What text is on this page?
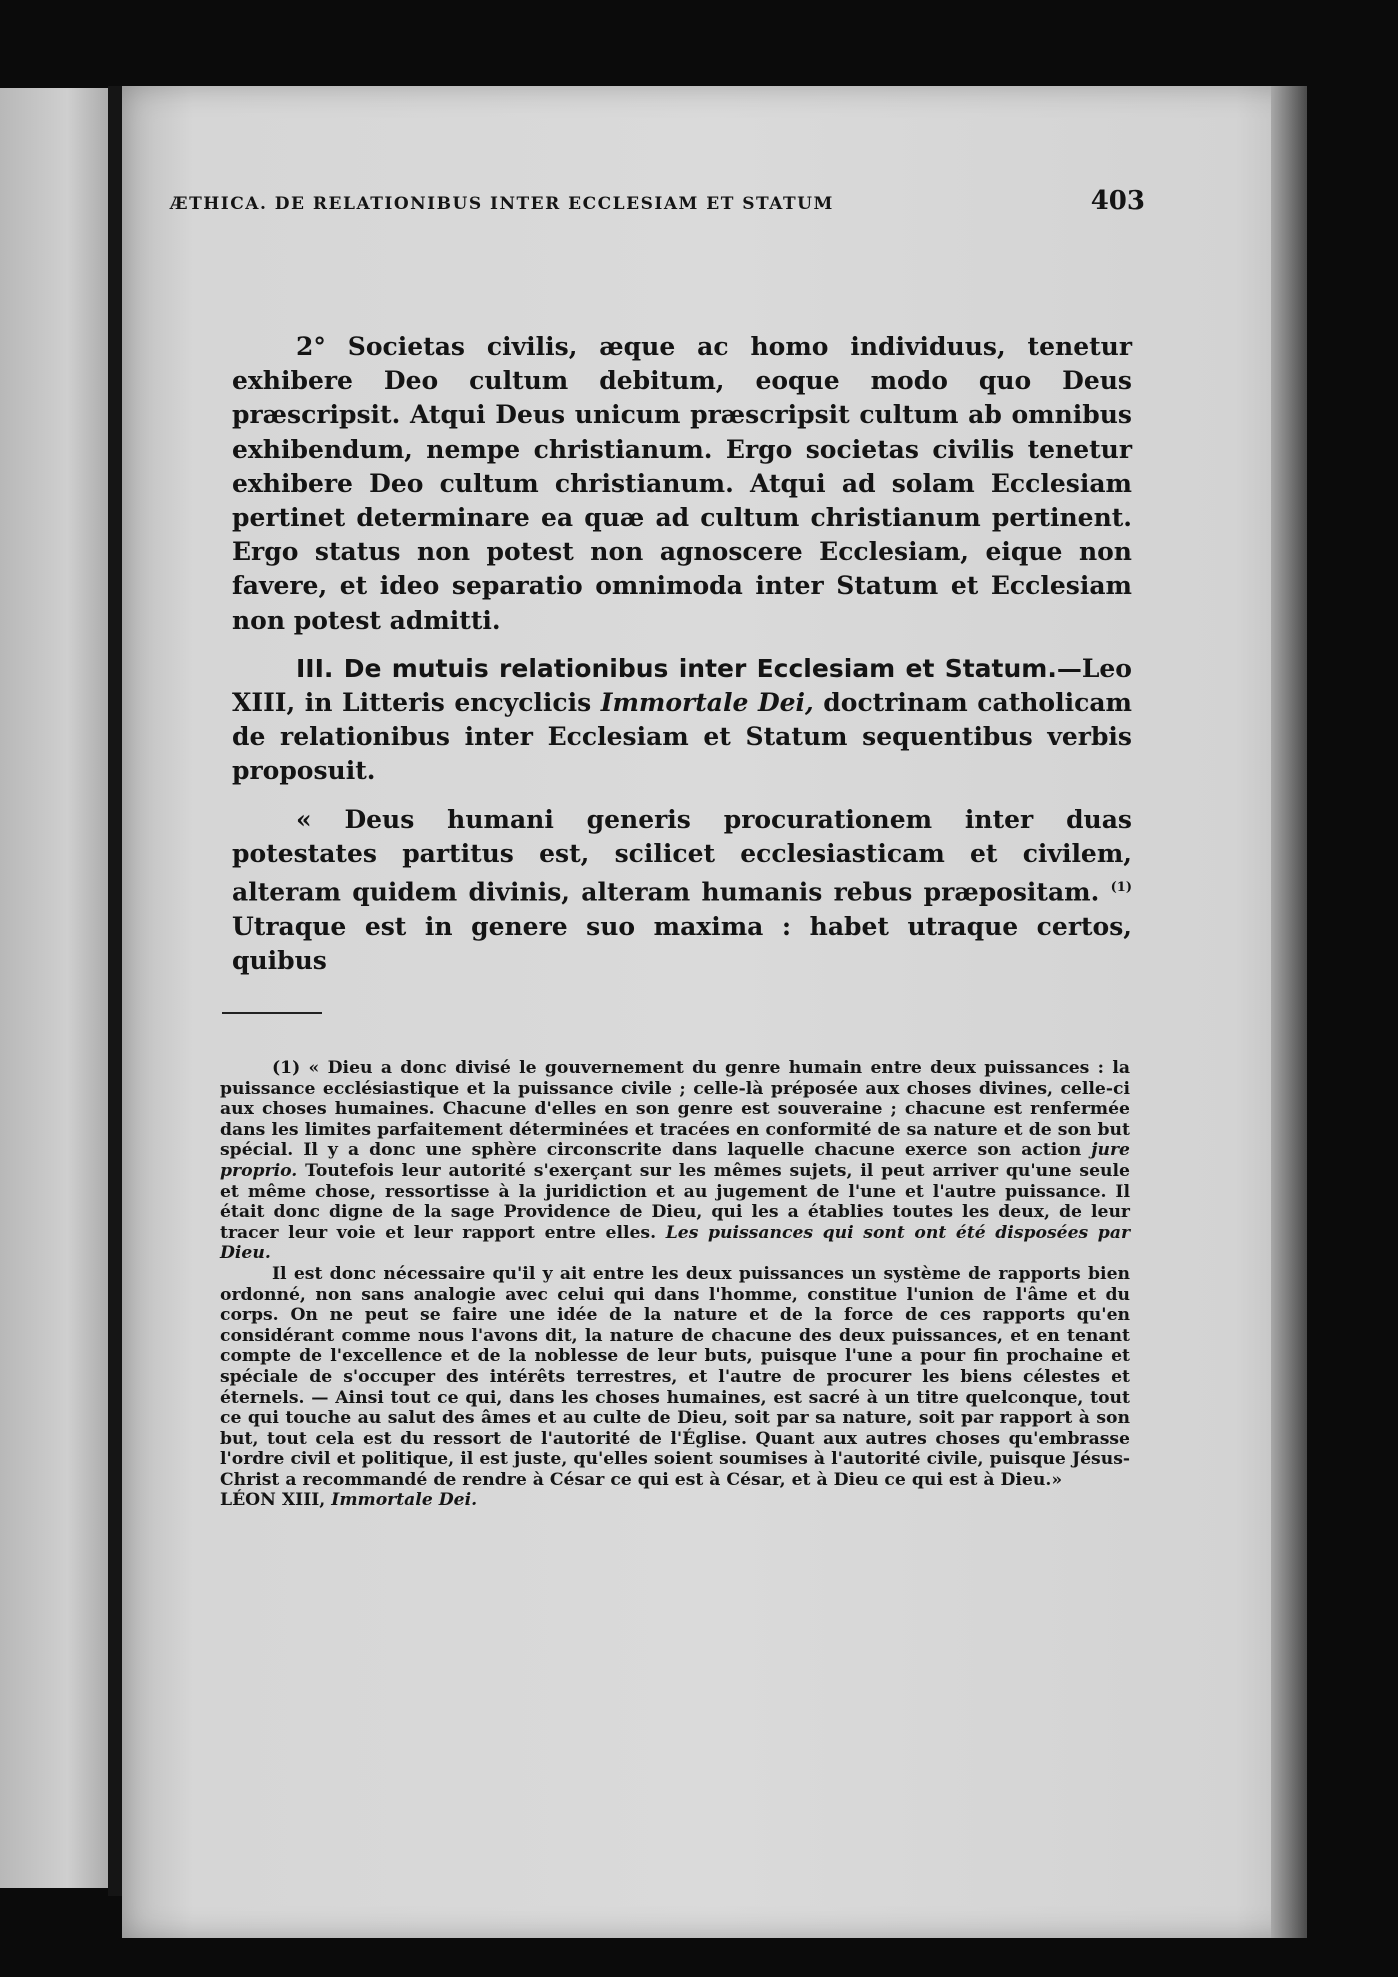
ÆTHICA. DE RELATIONIBUS INTER ECCLESIAM ET STATUM	403

2° Societas civilis, æque ac homo individuus, tenetur exhibere Deo cultum debitum, eoque modo quo Deus præscripsit. Atqui Deus unicum præscripsit cultum ab omnibus exhibendum, nempe christianum. Ergo societas civilis tenetur exhibere Deo cultum christianum. Atqui ad solam Ecclesiam pertinet determinare ea quæ ad cultum christianum pertinent. Ergo status non potest non agnoscere Ecclesiam, eique non favere, et ideo separatio omnimoda inter Statum et Ecclesiam non potest admitti.

III. De mutuis relationibus inter Ecclesiam et Statum.—Leo XIII, in Litteris encyclicis Immortale Dei, doctrinam catholicam de relationibus inter Ecclesiam et Statum sequentibus verbis proposuit.

« Deus humani generis procurationem inter duas potestates partitus est, scilicet ecclesiasticam et civilem, alteram quidem divinis, alteram humanis rebus præpositam. $^{(1)}$ Utraque est in genere suo maxima : habet utraque certos, quibus

(1) « Dieu a donc divisé le gouvernement du genre humain entre deux puissances : la puissance ecclésiastique et la puissance civile ; celle-là préposée aux choses divines, celle-ci aux choses humaines. Chacune d'elles en son genre est souveraine ; chacune est renfermée dans les limites parfaitement déterminées et tracées en conformité de sa nature et de son but spécial. Il y a donc une sphère circonscrite dans laquelle chacune exerce son action jure proprio. Toutefois leur autorité s'exerçant sur les mêmes sujets, il peut arriver qu'une seule et même chose, ressortisse à la juridiction et au jugement de l'une et l'autre puissance. Il était donc digne de la sage Providence de Dieu, qui les a établies toutes les deux, de leur tracer leur voie et leur rapport entre elles. Les puissances qui sont ont été disposées par Dieu.

Il est donc nécessaire qu'il y ait entre les deux puissances un système de rapports bien ordonné, non sans analogie avec celui qui dans l'homme, constitue l'union de l'âme et du corps. On ne peut se faire une idée de la nature et de la force de ces rapports qu'en considérant comme nous l'avons dit, la nature de chacune des deux puissances, et en tenant compte de l'excellence et de la noblesse de leur buts, puisque l'une a pour fin prochaine et spéciale de s'occuper des intérêts terrestres, et l'autre de procurer les biens célestes et éternels. — Ainsi tout ce qui, dans les choses humaines, est sacré à un titre quelconque, tout ce qui touche au salut des âmes et au culte de Dieu, soit par sa nature, soit par rapport à son but, tout cela est du ressort de l'autorité de l'Église. Quant aux autres choses qu'embrasse l'ordre civil et politique, il est juste, qu'elles soient soumises à l'autorité civile, puisque Jésus-Christ a recommandé de rendre à César ce qui est à César, et à Dieu ce qui est à Dieu.»

LÉON XIII, Immortale Dei.
